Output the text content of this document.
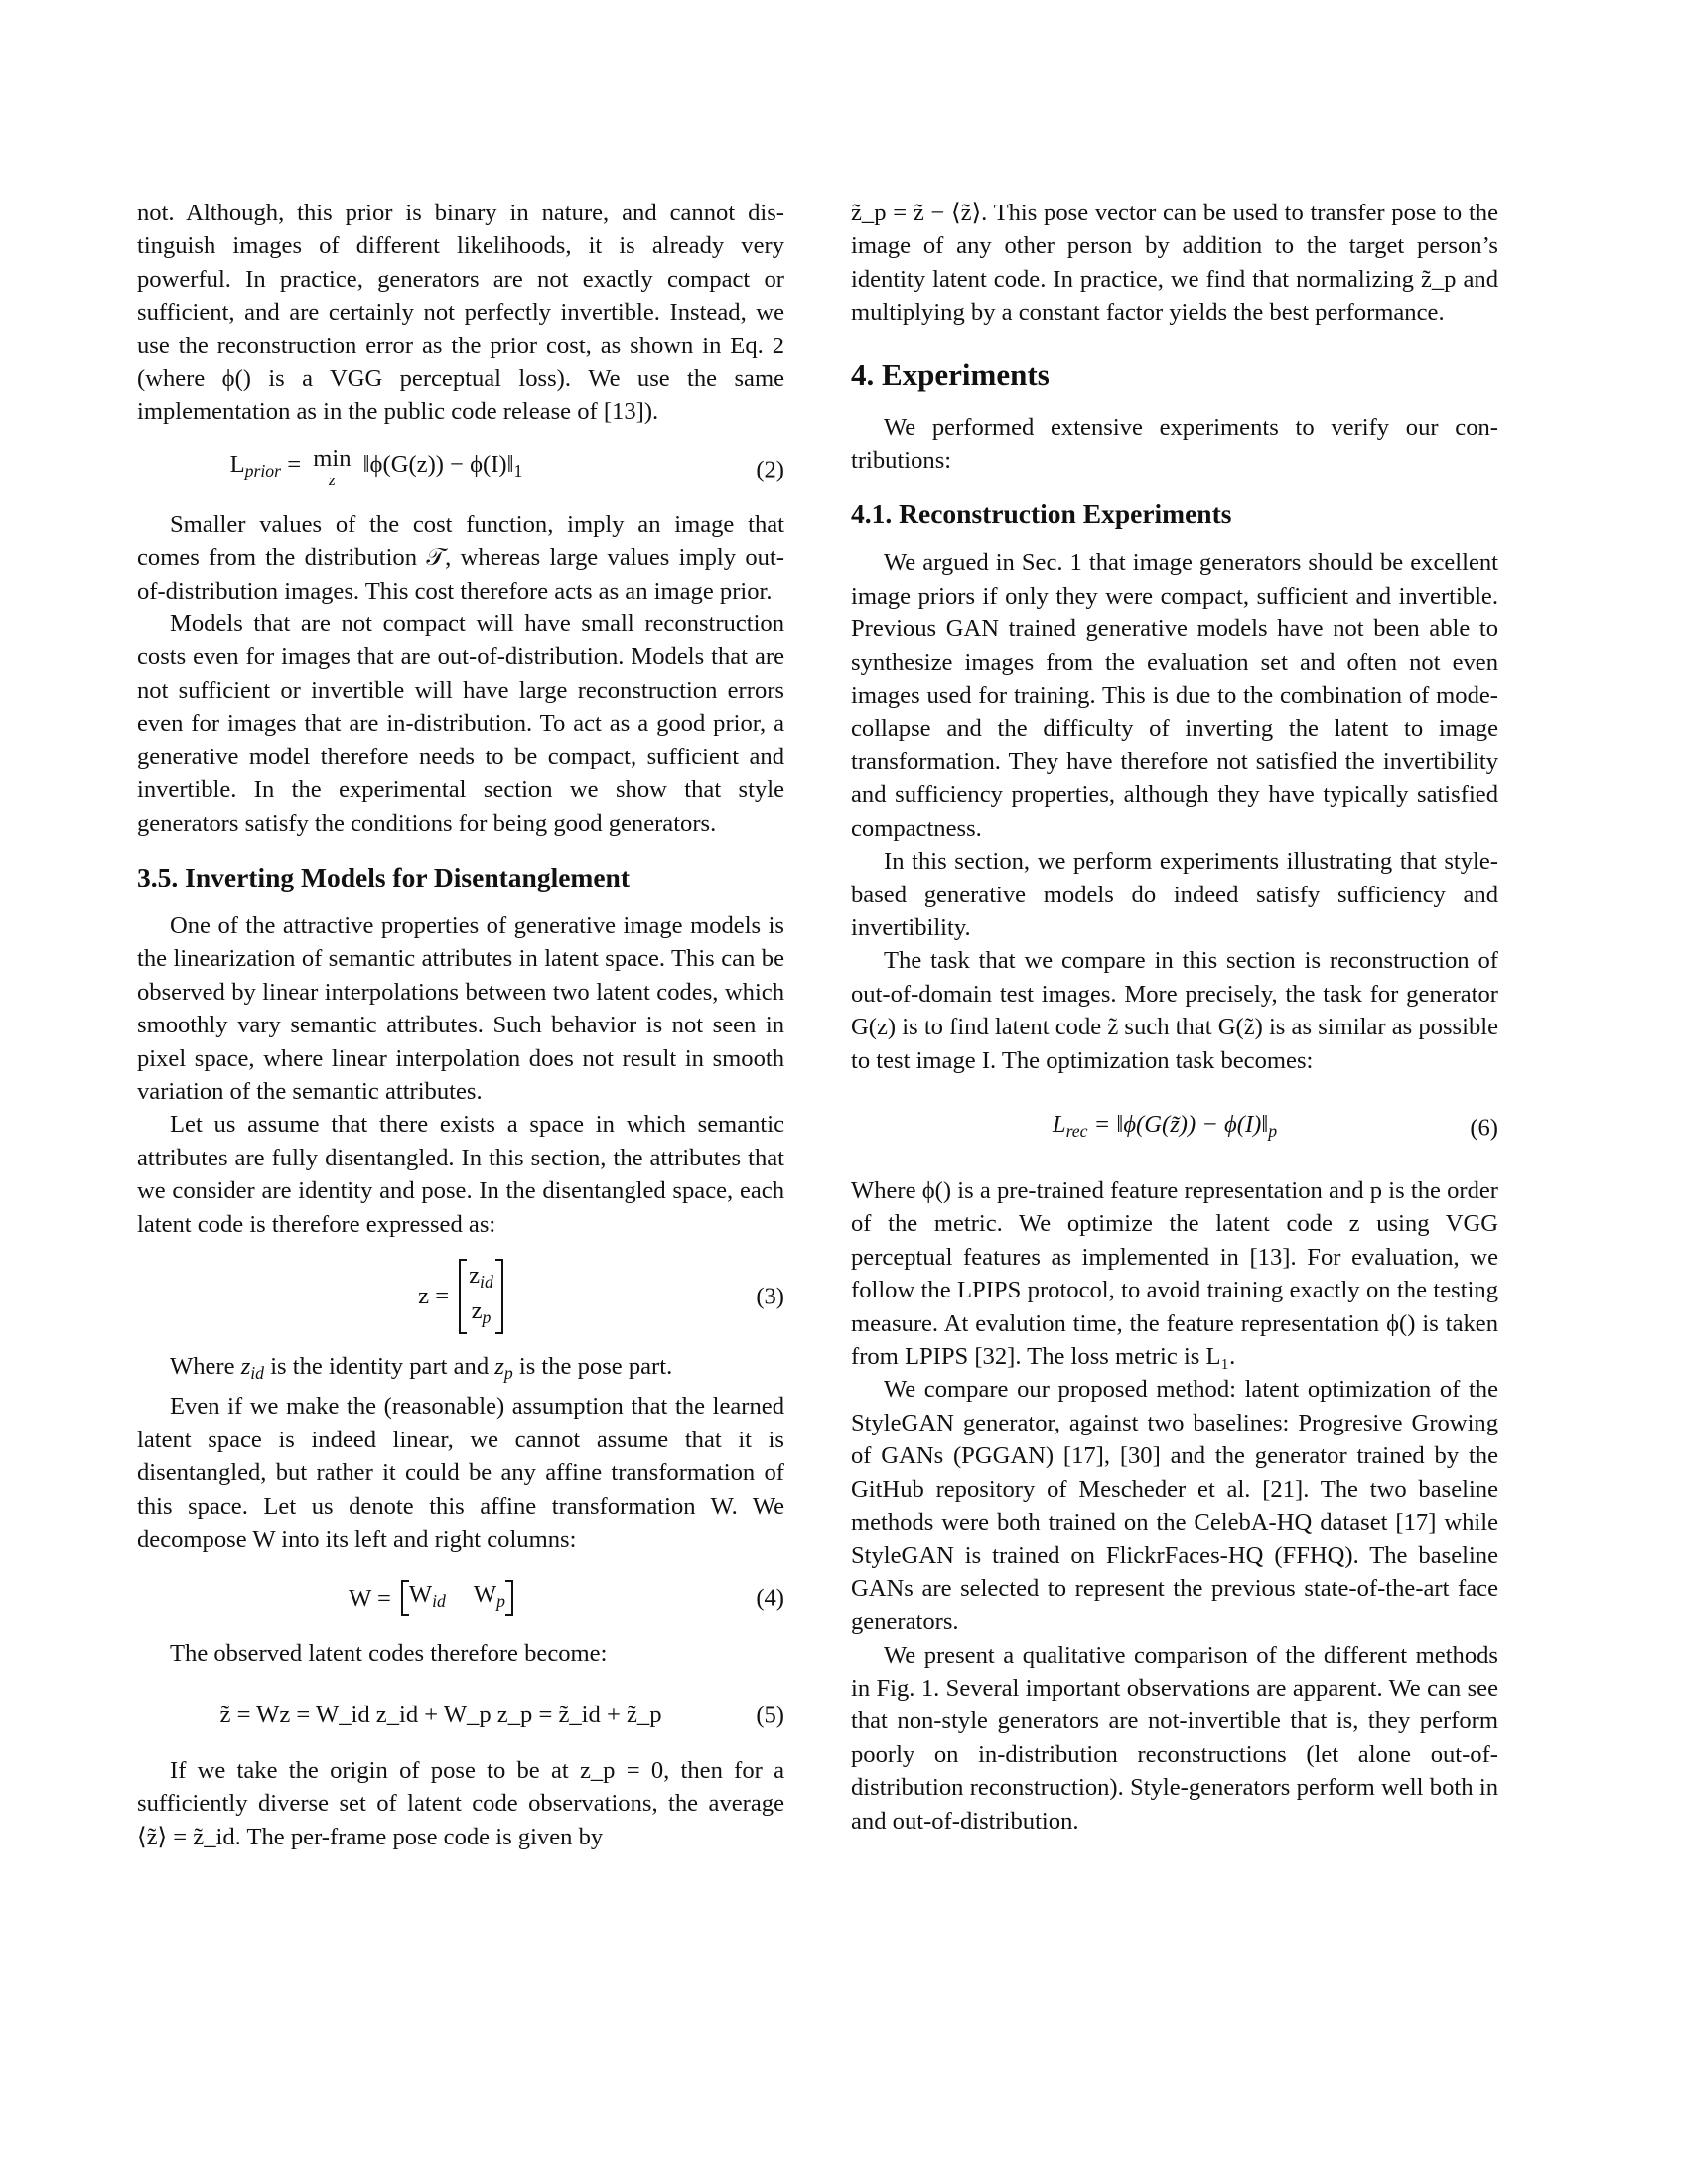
not. Although, this prior is binary in nature, and cannot distinguish images of different likelihoods, it is already very powerful. In practice, generators are not exactly compact or sufficient, and are certainly not perfectly invertible. Instead, we use the reconstruction error as the prior cost, as shown in Eq. 2 (where ϕ() is a VGG perceptual loss). We use the same implementation as in the public code release of [13]).

$L_{prior} = \min$
z
‖ϕ(G(z)) − $\phi(I)‖_1$	(2)

Smaller values of the cost function, imply an image that comes from the distribution 𝒯, whereas large values imply out-of-distribution images. This cost therefore acts as an image prior.

Models that are not compact will have small reconstruction costs even for images that are out-of-distribution. Models that are not sufficient or invertible will have large reconstruction errors even for images that are in-distribution. To act as a good prior, a generative model therefore needs to be compact, sufficient and invertible. In the experimental section we show that style generators satisfy the conditions for being good generators.

3.5. Inverting Models for Disentanglement

One of the attractive properties of generative image models is the linearization of semantic attributes in latent space. This can be observed by linear interpolations between two latent codes, which smoothly vary semantic attributes. Such behavior is not seen in pixel space, where linear interpolation does not result in smooth variation of the semantic attributes.

Let us assume that there exists a space in which semantic attributes are fully disentangled. In this section, the attributes that we consider are identity and pose. In the disentangled space, each latent code is therefore expressed as:

z =
$z_{id}$
$z_p$
(3)

Where $z_{id}$ is the identity part and $z_p$ is the pose part.

Even if we make the (reasonable) assumption that the learned latent space is indeed linear, we cannot assume that it is disentangled, but rather it could be any affine transformation of this space. Let us denote this affine transformation W. We decompose W into its left and right columns:

$W = W_{id}$ $W_p$	(4)

The observed latent codes therefore become:

z̃ = Wz = W_id z_id + W_p z_p = z̃_id + z̃_p	(5)

If we take the origin of pose to be at z_p = 0, then for a sufficiently diverse set of latent code observations, the average ⟨z̃⟩ = z̃_id. The per-frame pose code is given by

z̃_p = z̃ − ⟨z̃⟩. This pose vector can be used to transfer pose to the image of any other person by addition to the target person’s identity latent code. In practice, we find that normalizing z̃_p and multiplying by a constant factor yields the best performance.

4. Experiments

We performed extensive experiments to verify our contributions:

4.1. Reconstruction Experiments

We argued in Sec. 1 that image generators should be excellent image priors if only they were compact, sufficient and invertible. Previous GAN trained generative models have not been able to synthesize images from the evaluation set and often not even images used for training. This is due to the combination of mode-collapse and the difficulty of inverting the latent to image transformation. They have therefore not satisfied the invertibility and sufficiency properties, although they have typically satisfied compactness.

In this section, we perform experiments illustrating that style-based generative models do indeed satisfy sufficiency and invertibility.

The task that we compare in this section is reconstruction of out-of-domain test images. More precisely, the task for generator G(z) is to find latent code z̃ such that G(z̃) is as similar as possible to test image I. The optimization task becomes:

$L_{rec}$ = ‖ϕ(G(z̃)) − $\phi(I)‖_p$	(6)

Where ϕ() is a pre-trained feature representation and p is the order of the metric. We optimize the latent code z using VGG perceptual features as implemented in [13]. For evaluation, we follow the LPIPS protocol, to avoid training exactly on the testing measure. At evalution time, the feature representation ϕ() is taken from LPIPS [32]. The loss metric is L₁.

We compare our proposed method: latent optimization of the StyleGAN generator, against two baselines: Progresive Growing of GANs (PGGAN) [17], [30] and the generator trained by the GitHub repository of Mescheder et al. [21]. The two baseline methods were both trained on the CelebA-HQ dataset [17] while StyleGAN is trained on FlickrFaces-HQ (FFHQ). The baseline GANs are selected to represent the previous state-of-the-art face generators.

We present a qualitative comparison of the different methods in Fig. 1. Several important observations are apparent. We can see that non-style generators are not-invertible that is, they perform poorly on in-distribution reconstructions (let alone out-of-distribution reconstruction). Style-generators perform well both in and out-of-distribution.
